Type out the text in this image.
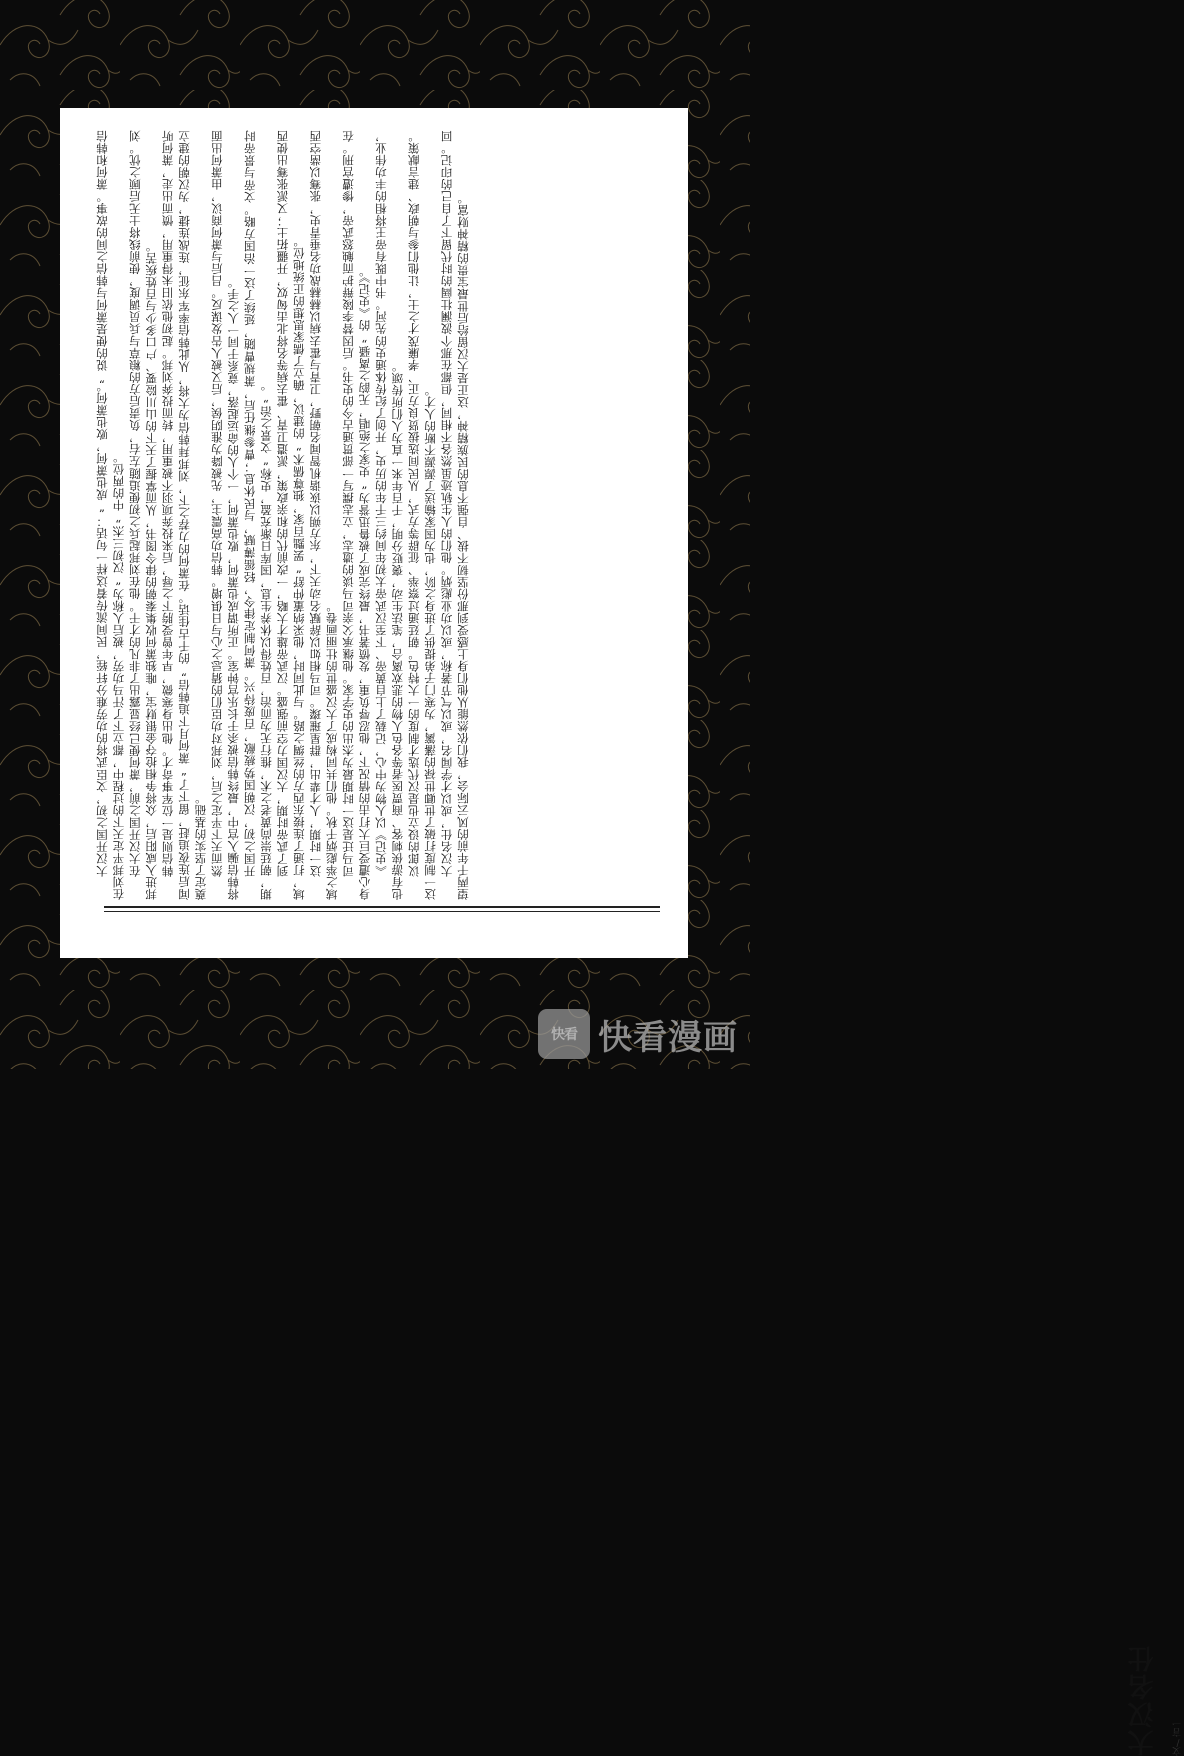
大汉开国之初，文臣武将的功劳难分轩轾，民间流传着这样一句话：“成也萧何，败也萧何。”说的便是萧何与韩信之间的故事。萧何和韩信在刘邦平定天下的过程中，都立下了汗马功劳，被后人称为“汉初三杰”中的两位。 在大汉开国之前，萧何便已经显露出了非凡的才干。他在刘邦起兵之初便追随左右，负责后方的粮草与兵员调度，使前线将士无后顾之忧。刘邦进入咸阳后，众将争相抢夺金银财宝，唯独萧何收集秦朝的律令图书，从而掌握了天下的山川险要、户口多少与百姓疾苦。 韩信则是一位军事奇才。他出身寒微，早年曾受胯下之辱，后来投奔项羽不被重用，转而投奔刘邦。起初他依旧未得重用，愤而出走，萧何听闻后连夜追赶，留下了“萧何月下追韩信”的千古佳话。在萧何的力荐之下，刘邦拜韩信为大将，从此韩信率军东征，连战连捷，为汉朝的建立奠定了坚实的基础。 然而天下平定之后，刘邦对功臣们的猜忌之心与日俱增。韩信功高震主，先被降为淮阴侯，后又被人告发谋反。吕后与萧何商议，由萧何出面将韩信骗入宫中，最终韩信被杀于长乐宫钟室。正所谓成也萧何，败也萧何，一个人的命运起落，竟系于同一人之手。 开国之初，汉朝国势疲敝，百废待兴。萧何制定律令，轻徭薄赋，与民休息；曹参继任后，萧规曹随，延续了这一治国方略。文帝与景帝时期，朝廷崇尚黄老之术，推行无为而治，百姓得以休养生息，国库日渐充盈，史称“文景之治”。 到了武帝时期，大汉国力空前强盛。汉武帝雄才大略，一改前代的和亲政策，派遣卫青、霍去病等名将北击匈奴，开疆拓土；又派张骞出使西域，打通了连接东西方的丝绸之路。与此同时，他采纳董仲舒“罢黜百家，独尊儒术”的建议，确立了儒家思想的正统地位。 这一时期，人才辈出，群星璀璨。司马相如以辞赋名动天下，东方朔以诙谐机智闻名朝野，卫青与霍去病以赫赫战功名垂青史，张骞以凿空西域之举彪炳千秋。他们共同构成了大汉盛世的壮丽画卷。 司马迁是这一时期最为杰出的史学家。他继承父亲司马谈的遗志，立志撰写一部贯通古今的史书。后因替李陵辩护而触怒武帝，惨遭宫刑。在身心遭受巨大打击的情况下，他忍辱负重，发愤著书，最终完成了被鲁迅誉为“史家之绝唱，无韵之离骚”的《史记》。 《史记》以人物为中心，记载了上自黄帝、下至汉武帝太初年间约三千年的历史，开创了纪传体通史的先河。书中既有帝王将相的丰功伟业，也有游侠刺客、商贾医者等各色人物的悲欢离合，笔法生动，褒贬分明，千百年来一直为人们所传颂。 议郎的设立也是汉代选才制度的一大特色。朝廷通过察举、征辟等方式，从民间选拔贤良方正、孝廉茂才之士，让他们参与朝政、建言献策。这一制度打破了世卿世禄的藩篱，为寒门子弟提供了进身之阶，也为国家输送了源源不断的人才。 大汉名仕，或以才学闻名，或以气节著称，或以功业彪炳。他们的人生轨迹虽然各不相同，但都在那个波澜壮阔的时代留下了自己的印记。回望两千年前的风云际会，我们依然能从他们身上感受到那份坚韧不拔、自强不息的民族精神，这正是大汉留给后世最宝贵的精神财富。

大汉名仕	文/言一
快看 快看漫画
